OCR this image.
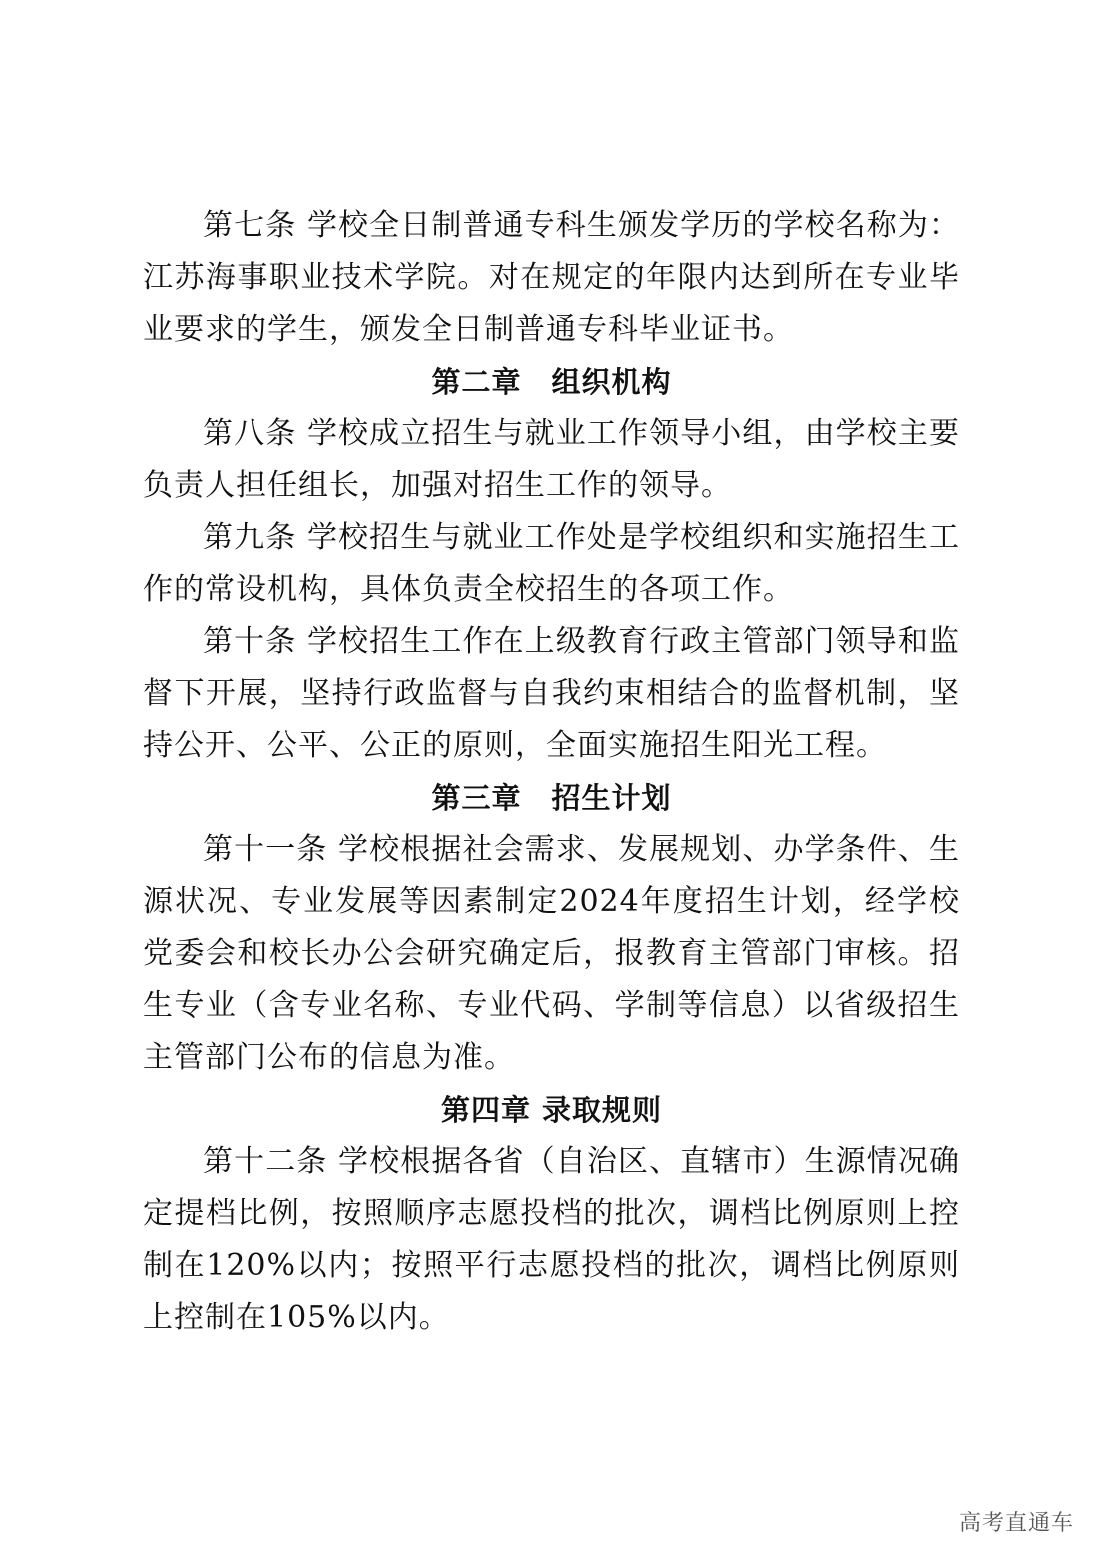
第七条 学校全日制普通专科生颁发学历的学校名称为：江苏海事职业技术学院。对在规定的年限内达到所在专业毕业要求的学生，颁发全日制普通专科毕业证书。

第二章　组织机构

第八条 学校成立招生与就业工作领导小组，由学校主要负责人担任组长，加强对招生工作的领导。

第九条 学校招生与就业工作处是学校组织和实施招生工作的常设机构，具体负责全校招生的各项工作。

第十条 学校招生工作在上级教育行政主管部门领导和监督下开展，坚持行政监督与自我约束相结合的监督机制，坚持公开、公平、公正的原则，全面实施招生阳光工程。

第三章　招生计划

第十一条 学校根据社会需求、发展规划、办学条件、生源状况、专业发展等因素制定2024年度招生计划，经学校党委会和校长办公会研究确定后，报教育主管部门审核。招生专业（含专业名称、专业代码、学制等信息）以省级招生主管部门公布的信息为准。

第四章 录取规则

第十二条 学校根据各省（自治区、直辖市）生源情况确定提档比例，按照顺序志愿投档的批次，调档比例原则上控制在120%以内；按照平行志愿投档的批次，调档比例原则上控制在105%以内。

高考直通车
